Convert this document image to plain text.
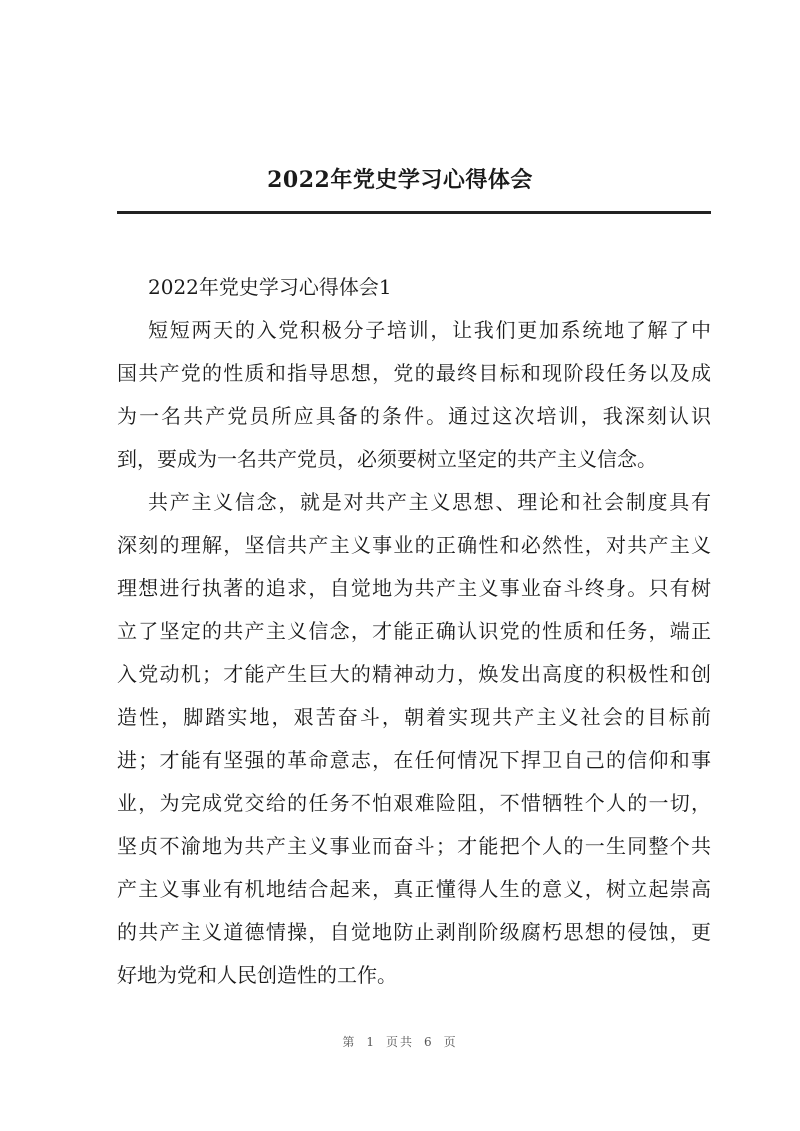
2022年党史学习心得体会
2022年党史学习心得体会1
短短两天的入党积极分子培训，让我们更加系统地了解了中
国共产党的性质和指导思想，党的最终目标和现阶段任务以及成
为一名共产党员所应具备的条件。通过这次培训，我深刻认识
到，要成为一名共产党员，必须要树立坚定的共产主义信念。
共产主义信念，就是对共产主义思想、理论和社会制度具有
深刻的理解，坚信共产主义事业的正确性和必然性，对共产主义
理想进行执著的追求，自觉地为共产主义事业奋斗终身。只有树
立了坚定的共产主义信念，才能正确认识党的性质和任务，端正
入党动机；才能产生巨大的精神动力，焕发出高度的积极性和创
造性，脚踏实地，艰苦奋斗，朝着实现共产主义社会的目标前
进；才能有坚强的革命意志，在任何情况下捍卫自己的信仰和事
业，为完成党交给的任务不怕艰难险阻，不惜牺牲个人的一切，
坚贞不渝地为共产主义事业而奋斗；才能把个人的一生同整个共
产主义事业有机地结合起来，真正懂得人生的意义，树立起崇高
的共产主义道德情操，自觉地防止剥削阶级腐朽思想的侵蚀，更
好地为党和人民创造性的工作。
第 1 页共 6 页
